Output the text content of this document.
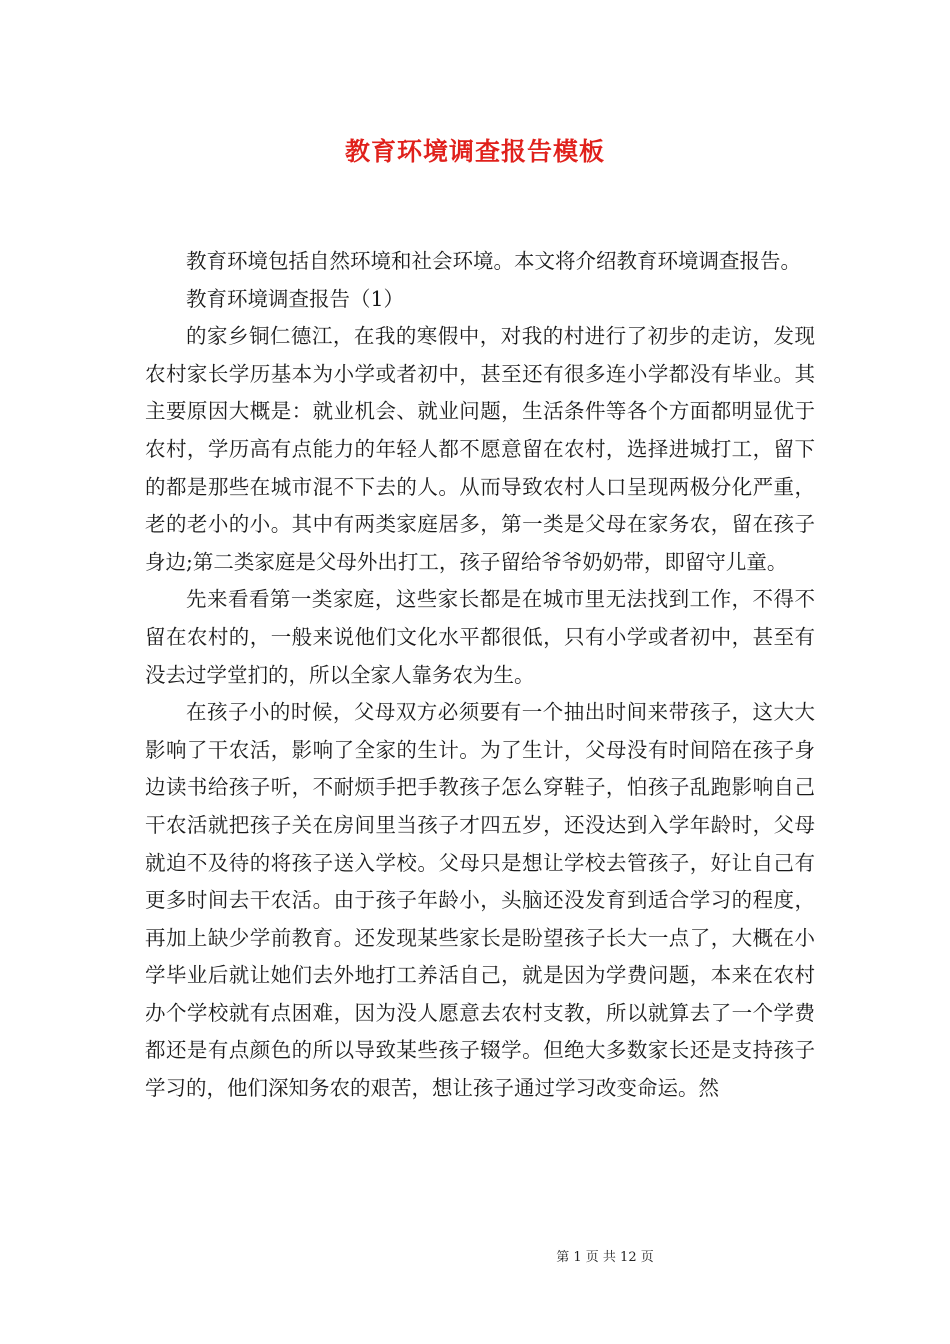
教育环境调查报告模板

教育环境包括自然环境和社会环境。本文将介绍教育环境调查报告。

教育环境调查报告（1）

的家乡铜仁德江，在我的寒假中，对我的村进行了初步的走访，发现农村家长学历基本为小学或者初中，甚至还有很多连小学都没有毕业。其主要原因大概是：就业机会、就业问题，生活条件等各个方面都明显优于农村，学历高有点能力的年轻人都不愿意留在农村，选择进城打工，留下的都是那些在城市混不下去的人。从而导致农村人口呈现两极分化严重，老的老小的小。其中有两类家庭居多，第一类是父母在家务农，留在孩子身边;第二类家庭是父母外出打工，孩子留给爷爷奶奶带，即留守儿童。

先来看看第一类家庭，这些家长都是在城市里无法找到工作，不得不留在农村的，一般来说他们文化水平都很低，只有小学或者初中，甚至有没去过学堂扪的，所以全家人靠务农为生。

在孩子小的时候，父母双方必须要有一个抽出时间来带孩子，这大大影响了干农活，影响了全家的生计。为了生计，父母没有时间陪在孩子身边读书给孩子听，不耐烦手把手教孩子怎么穿鞋子，怕孩子乱跑影响自己干农活就把孩子关在房间里当孩子才四五岁，还没达到入学年龄时，父母就迫不及待的将孩子送入学校。父母只是想让学校去管孩子，好让自己有更多时间去干农活。由于孩子年龄小，头脑还没发育到适合学习的程度，再加上缺少学前教育。还发现某些家长是盼望孩子长大一点了，大概在小学毕业后就让她们去外地打工养活自己，就是因为学费问题，本来在农村办个学校就有点困难，因为没人愿意去农村支教，所以就算去了一个学费都还是有点颜色的所以导致某些孩子辍学。但绝大多数家长还是支持孩子学习的，他们深知务农的艰苦，想让孩子通过学习改变命运。然

第 1 页 共 12 页
